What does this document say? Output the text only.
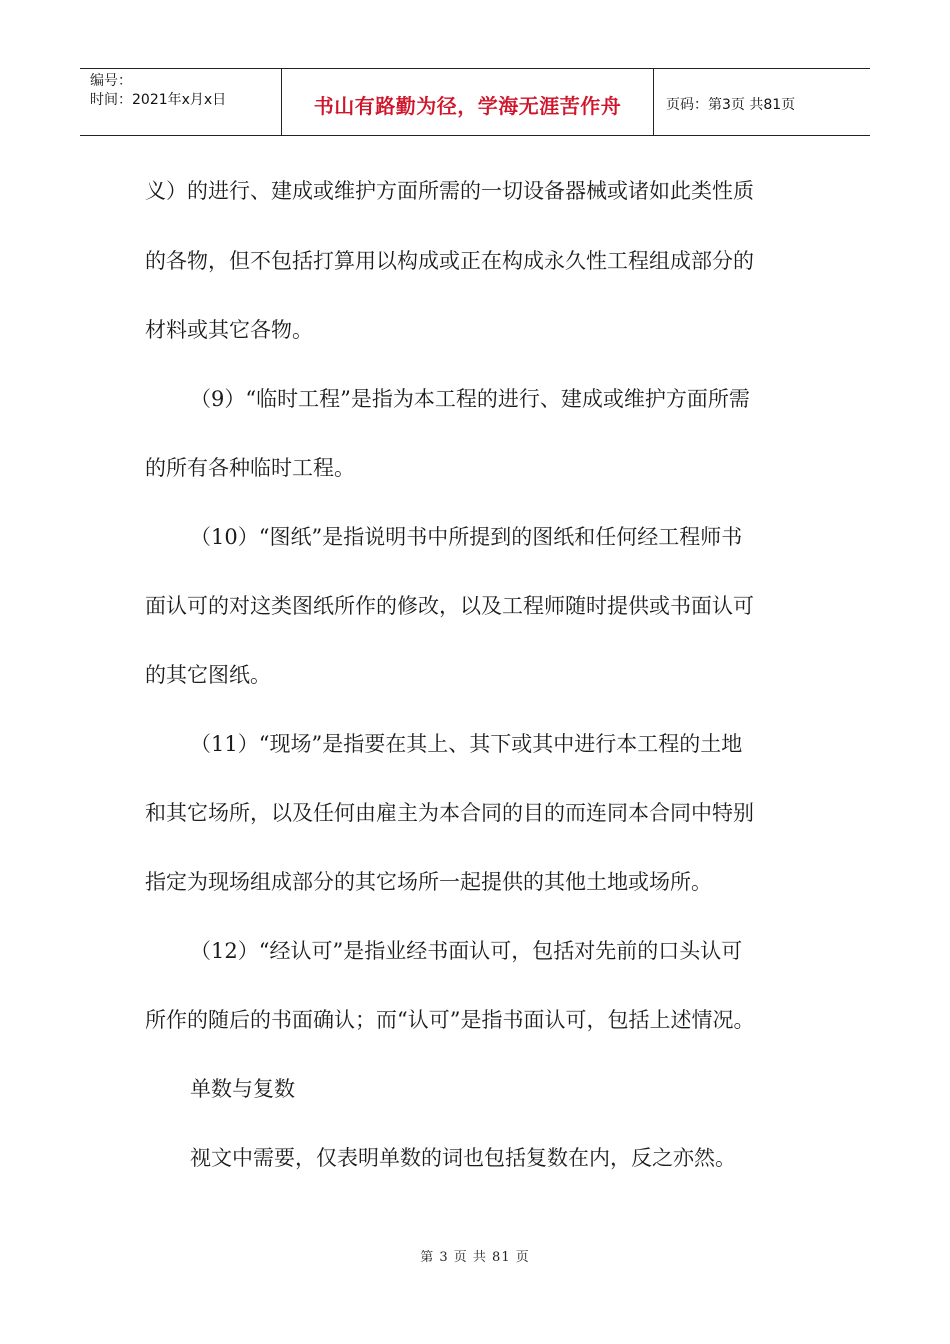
编号：
时间：2021年x月x日	书山有路勤为径，学海无涯苦作舟	页码：第3页 共81页
义）的进行、建成或维护方面所需的一切设备器械或诸如此类性质
的各物，但不包括打算用以构成或正在构成永久性工程组成部分的
材料或其它各物。
（9）“临时工程”是指为本工程的进行、建成或维护方面所需
的所有各种临时工程。
（10）“图纸”是指说明书中所提到的图纸和任何经工程师书
面认可的对这类图纸所作的修改，以及工程师随时提供或书面认可
的其它图纸。
（11）“现场”是指要在其上、其下或其中进行本工程的土地
和其它场所，以及任何由雇主为本合同的目的而连同本合同中特别
指定为现场组成部分的其它场所一起提供的其他土地或场所。
（12）“经认可”是指业经书面认可，包括对先前的口头认可
所作的随后的书面确认；而“认可”是指书面认可，包括上述情况。
单数与复数
视文中需要，仅表明单数的词也包括复数在内，反之亦然。
第 3 页 共 81 页
